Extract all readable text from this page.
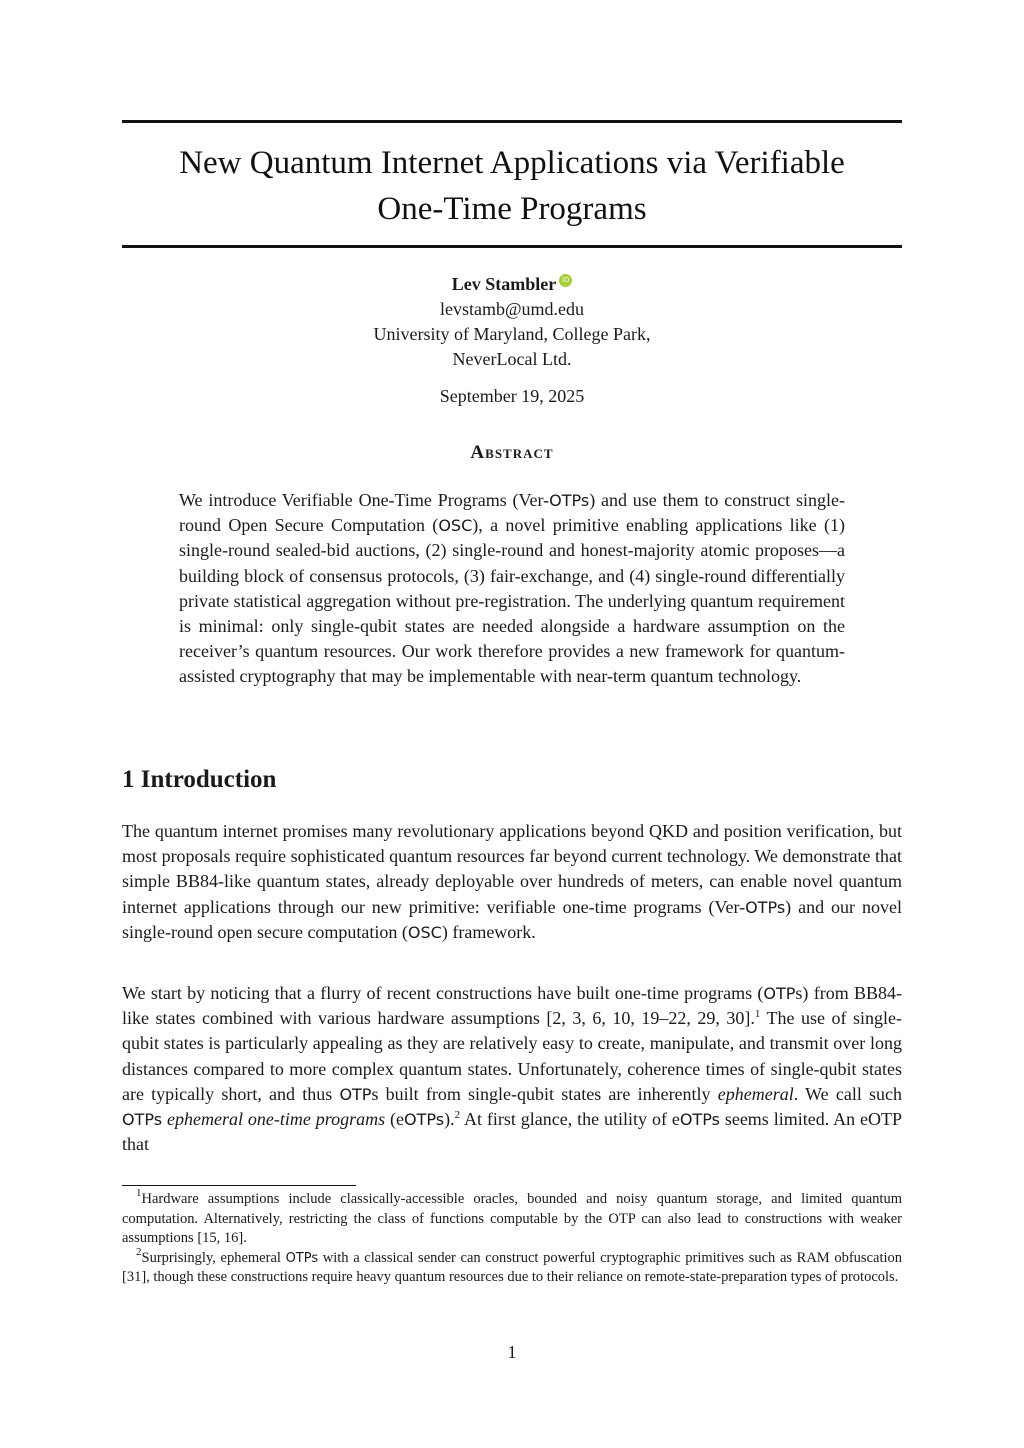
New Quantum Internet Applications via Verifiable
One-Time Programs
Lev Stambler iD
levstamb@umd.edu
University of Maryland, College Park,
NeverLocal Ltd.
September 19, 2025
Abstract
We introduce Verifiable One-Time Programs (Ver-OTPs) and use them to construct single-round Open Secure Computation (OSC), a novel primitive enabling applications like (1) single-round sealed-bid auctions, (2) single-round and honest-majority atomic proposes—a building block of consensus protocols, (3) fair-exchange, and (4) single-round differentially private statistical aggregation without pre-registration. The underlying quantum requirement is minimal: only single-qubit states are needed alongside a hardware assumption on the receiver’s quantum resources. Our work therefore provides a new framework for quantum-assisted cryptography that may be implementable with near-term quantum technology.
1 Introduction
The quantum internet promises many revolutionary applications beyond QKD and position verification, but most proposals require sophisticated quantum resources far beyond current technology. We demonstrate that simple BB84-like quantum states, already deployable over hundreds of meters, can enable novel quantum internet applications through our new primitive: verifiable one-time programs (Ver-OTPs) and our novel single-round open secure computation (OSC) framework.
We start by noticing that a flurry of recent constructions have built one-time programs (OTPs) from BB84-like states combined with various hardware assumptions [2, 3, 6, 10, 19–22, 29, 30].$^1$ The use of single-qubit states is particularly appealing as they are relatively easy to create, manipulate, and transmit over long distances compared to more complex quantum states. Unfortunately, coherence times of single-qubit states are typically short, and thus OTPs built from single-qubit states are inherently ephemeral. We call such OTPs ephemeral one-time programs (eOTPs).$^2$ At first glance, the utility of eOTPs seems limited. An eOTP that

$^1$Hardware assumptions include classically-accessible oracles, bounded and noisy quantum storage, and limited quantum computation. Alternatively, restricting the class of functions computable by the OTP can also lead to constructions with weaker assumptions [15, 16].

$^2$Surprisingly, ephemeral OTPs with a classical sender can construct powerful cryptographic primitives such as RAM obfuscation [31], though these constructions require heavy quantum resources due to their reliance on remote-state-preparation types of protocols.

1
